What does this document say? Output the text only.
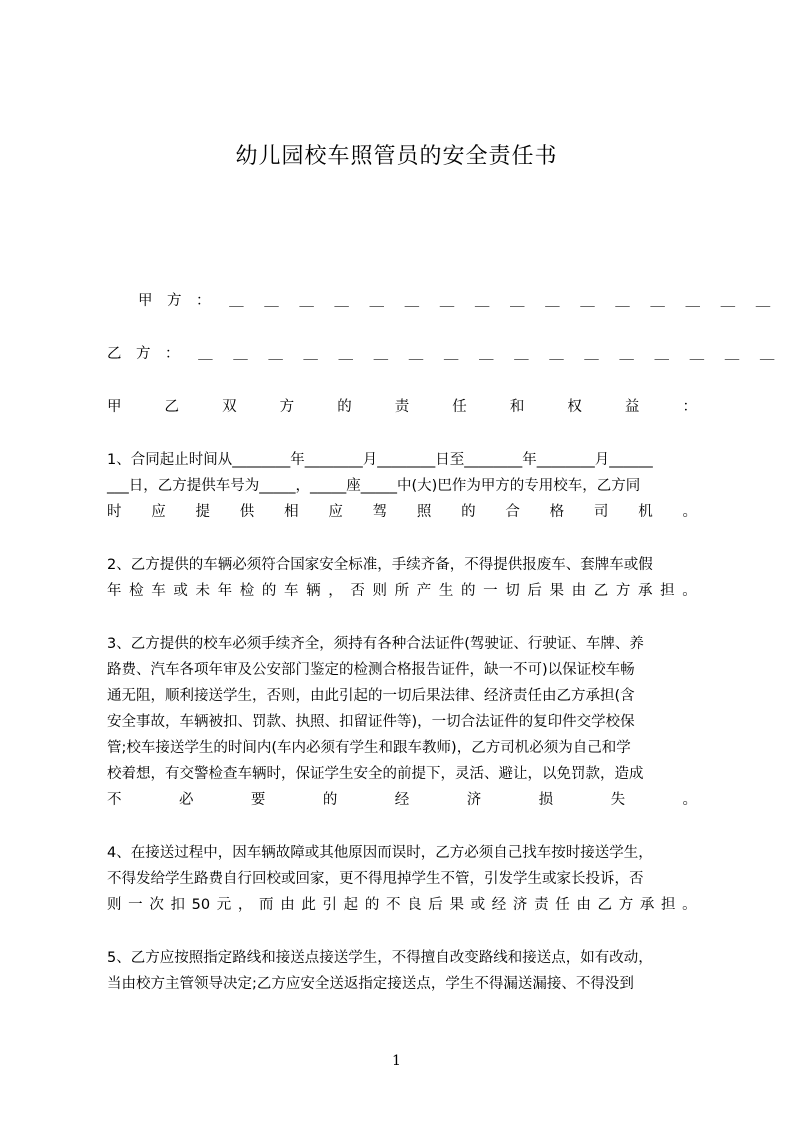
幼儿园校车照管员的安全责任书
甲　方　： ＿ ＿ ＿ ＿ ＿ ＿ ＿ ＿ ＿ ＿ ＿ ＿ ＿ ＿ ＿ ＿
乙　方　： ＿ ＿ ＿ ＿ ＿ ＿ ＿ ＿ ＿ ＿ ＿ ＿ ＿ ＿ ＿ ＿ ＿
甲	乙	双	方	的	责	任	和	权	益	：
1、合同起止时间从________年________月________日至________年________月______
___日，乙方提供车号为_____，_____座_____中(大)巴作为甲方的专用校车，乙方同
时 应 提 供 相 应 驾 照 的 合 格 司 机 。
2、乙方提供的车辆必须符合国家安全标准，手续齐备，不得提供报废车、套牌车或假
年 检 车 或 未 年 检 的 车 辆 ， 否 则 所 产 生 的 一 切 后 果 由 乙 方 承 担 。
3、乙方提供的校车必须手续齐全，须持有各种合法证件(驾驶证、行驶证、车牌、养
路费、汽车各项年审及公安部门鉴定的检测合格报告证件，缺一不可)以保证校车畅
通无阻，顺利接送学生，否则，由此引起的一切后果法律、经济责任由乙方承担(含
安全事故，车辆被扣、罚款、执照、扣留证件等)，一切合法证件的复印件交学校保
管;校车接送学生的时间内(车内必须有学生和跟车教师)，乙方司机必须为自己和学
校着想，有交警检查车辆时，保证学生安全的前提下，灵活、避让，以免罚款，造成
不	必	要	的	经	济	损	失	。
4、在接送过程中，因车辆故障或其他原因而误时，乙方必须自己找车按时接送学生，
不得发给学生路费自行回校或回家，更不得甩掉学生不管，引发学生或家长投诉，否
则 一 次 扣 50 元 ， 而 由 此 引 起 的 不 良 后 果 或 经 济 责 任 由 乙 方 承 担 。
5、乙方应按照指定路线和接送点接送学生，不得擅自改变路线和接送点，如有改动，
当由校方主管领导决定;乙方应安全送返指定接送点，学生不得漏送漏接、不得没到
1
